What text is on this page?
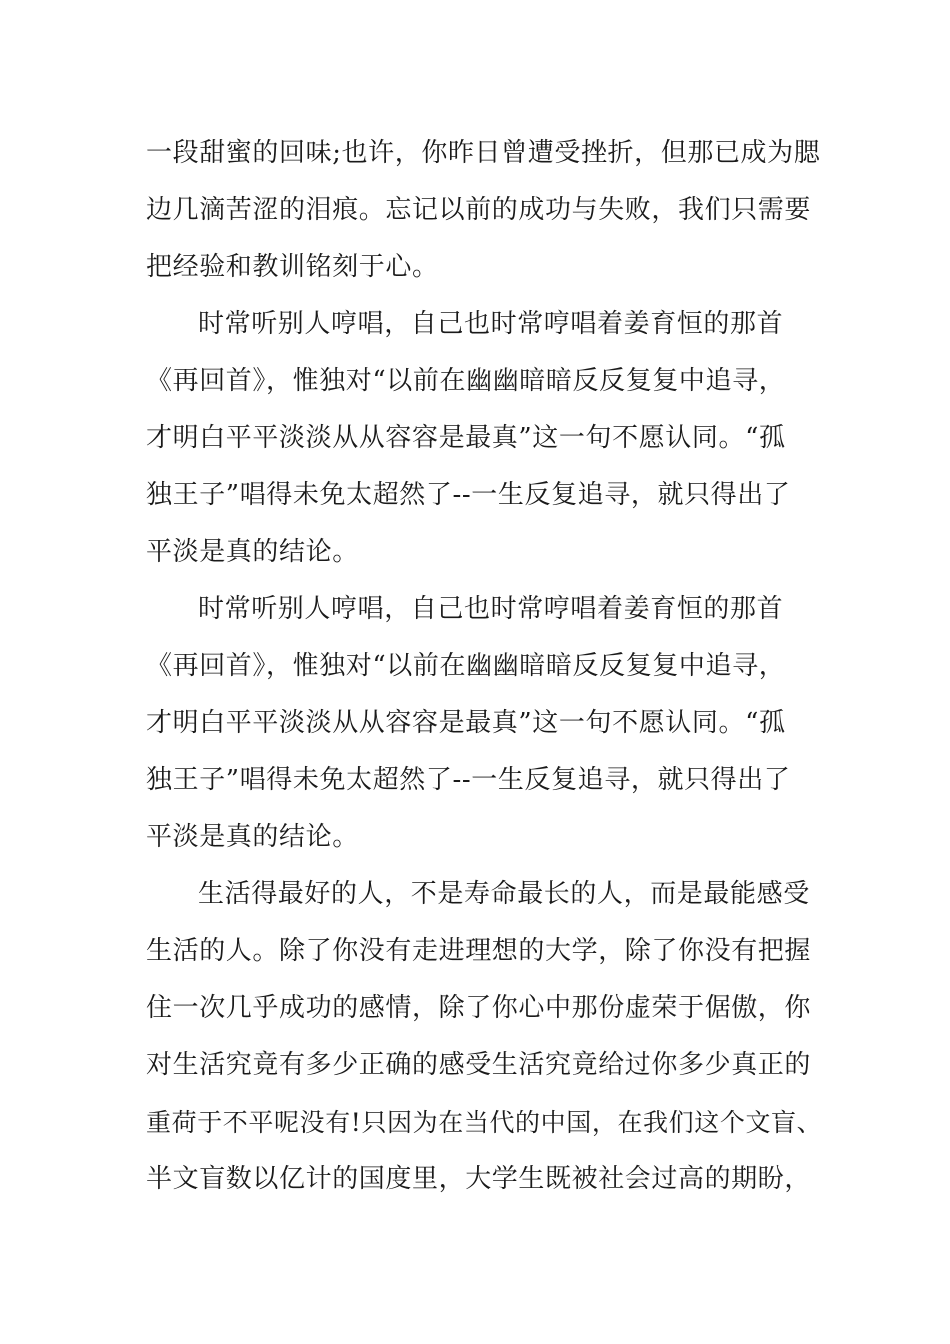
一段甜蜜的回味;也许，你昨日曾遭受挫折，但那已成为腮
边几滴苦涩的泪痕。忘记以前的成功与失败，我们只需要
把经验和教训铭刻于心。
时常听别人哼唱，自己也时常哼唱着姜育恒的那首
《再回首》，惟独对“以前在幽幽暗暗反反复复中追寻，
才明白平平淡淡从从容容是最真”这一句不愿认同。“孤
独王子”唱得未免太超然了--一生反复追寻，就只得出了
平淡是真的结论。
时常听别人哼唱，自己也时常哼唱着姜育恒的那首
《再回首》，惟独对“以前在幽幽暗暗反反复复中追寻，
才明白平平淡淡从从容容是最真”这一句不愿认同。“孤
独王子”唱得未免太超然了--一生反复追寻，就只得出了
平淡是真的结论。
生活得最好的人，不是寿命最长的人，而是最能感受
生活的人。除了你没有走进理想的大学，除了你没有把握
住一次几乎成功的感情，除了你心中那份虚荣于倨傲，你
对生活究竟有多少正确的感受生活究竟给过你多少真正的
重荷于不平呢没有!只因为在当代的中国，在我们这个文盲、
半文盲数以亿计的国度里，大学生既被社会过高的期盼，
